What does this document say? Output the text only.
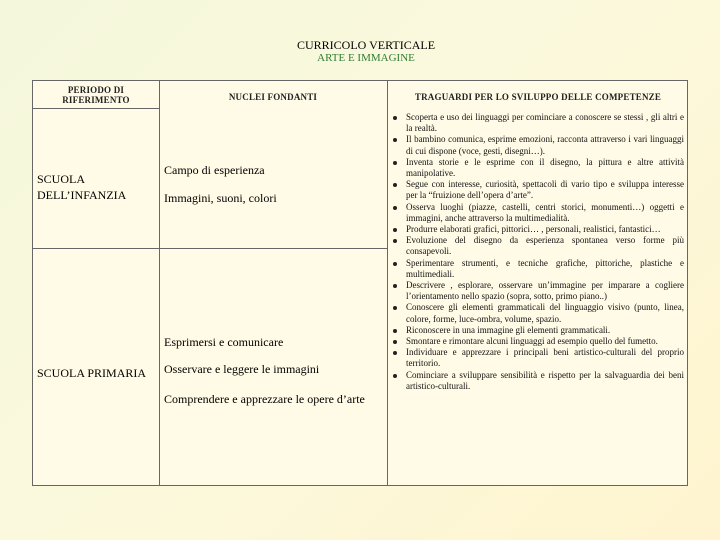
CURRICOLO VERTICALE
ARTE E IMMAGINE
PERIODO DI
RIFERIMENTO	NUCLEI FONDANTI	TRAGUARDI PER LO SVILUPPO DELLE COMPETENZE
SCUOLA
DELL’INFANZIA
Campo di esperienza
Immagini, suoni, colori
SCUOLA PRIMARIA
Esprimersi e comunicare
Osservare e leggere le immagini
Comprendere e apprezzare le opere d’arte
Scoperta e uso dei linguaggi per cominciare a conoscere se stessi , gli altri e la realtà.
Il bambino comunica, esprime emozioni, racconta attraverso i vari linguaggi di cui dispone (voce, gesti, disegni…).
Inventa storie e le esprime con il disegno, la pittura e altre attività manipolative.
Segue con interesse, curiosità, spettacoli di vario tipo e sviluppa interesse per la “fruizione dell’opera d’arte”.
Osserva luoghi (piazze, castelli, centri storici, monumenti…) oggetti e immagini, anche attraverso la multimedialità.
Produrre elaborati grafici, pittorici… , personali, realistici, fantastici…
Evoluzione del disegno da esperienza spontanea verso forme più consapevoli.
Sperimentare strumenti, e tecniche grafiche, pittoriche, plastiche e multimediali.
Descrivere , esplorare, osservare un’immagine per imparare a cogliere l’orientamento nello spazio (sopra, sotto, primo piano..)
Conoscere gli elementi grammaticali del linguaggio visivo (punto, linea, colore, forme, luce-ombra, volume, spazio.
Riconoscere in una immagine gli elementi grammaticali.
Smontare e rimontare alcuni linguaggi ad esempio quello del fumetto.
Individuare e apprezzare i principali beni artistico-culturali del proprio territorio.
Cominciare a sviluppare sensibilità e rispetto per la salvaguardia dei beni artistico-culturali.
